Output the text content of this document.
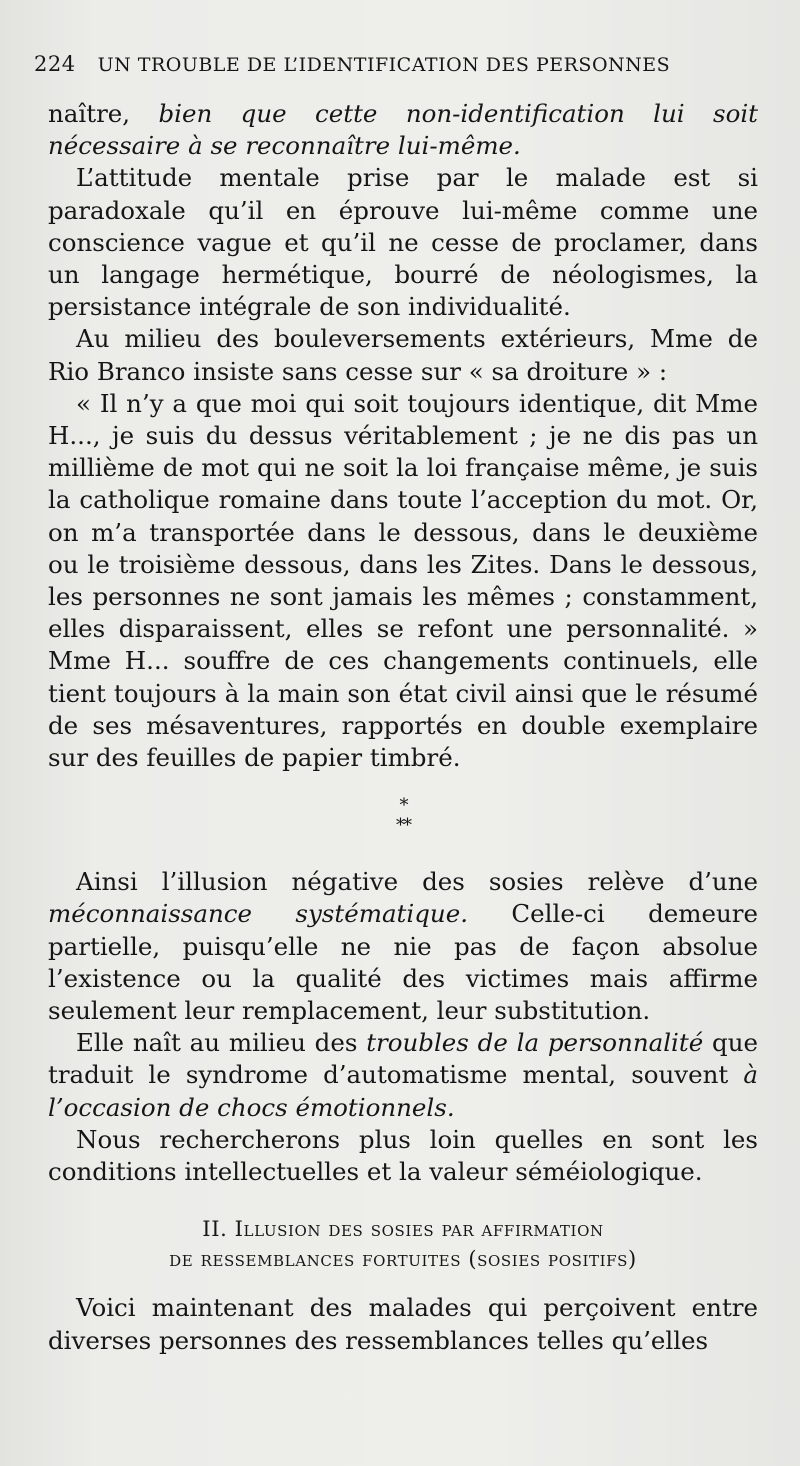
224 UN TROUBLE DE L’IDENTIFICATION DES PERSONNES

naître, bien que cette non-identification lui soit nécessaire à se reconnaître lui-même.

L’attitude mentale prise par le malade est si paradoxale qu’il en éprouve lui-même comme une conscience vague et qu’il ne cesse de proclamer, dans un langage hermétique, bourré de néologismes, la persistance intégrale de son individualité.

Au milieu des bouleversements extérieurs, Mme de Rio Branco insiste sans cesse sur « sa droiture » :

« Il n’y a que moi qui soit toujours identique, dit Mme H..., je suis du dessus véritablement ; je ne dis pas un millième de mot qui ne soit la loi française même, je suis la catholique romaine dans toute l’acception du mot. Or, on m’a transportée dans le dessous, dans le deuxième ou le troisième dessous, dans les Zites. Dans le dessous, les personnes ne sont jamais les mêmes ; constamment, elles disparaissent, elles se refont une personnalité. » Mme H... souffre de ces changements continuels, elle tient toujours à la main son état civil ainsi que le résumé de ses mésaventures, rapportés en double exemplaire sur des feuilles de papier timbré.

*
**

Ainsi l’illusion négative des sosies relève d’une méconnaissance systématique. Celle-ci demeure partielle, puisqu’elle ne nie pas de façon absolue l’existence ou la qualité des victimes mais affirme seulement leur remplacement, leur substitution.

Elle naît au milieu des troubles de la personnalité que traduit le syndrome d’automatisme mental, souvent à l’occasion de chocs émotionnels.

Nous rechercherons plus loin quelles en sont les conditions intellectuelles et la valeur séméiologique.

II. Illusion des sosies par affirmation
de ressemblances fortuites (sosies positifs)

Voici maintenant des malades qui perçoivent entre diverses personnes des ressemblances telles qu’elles
